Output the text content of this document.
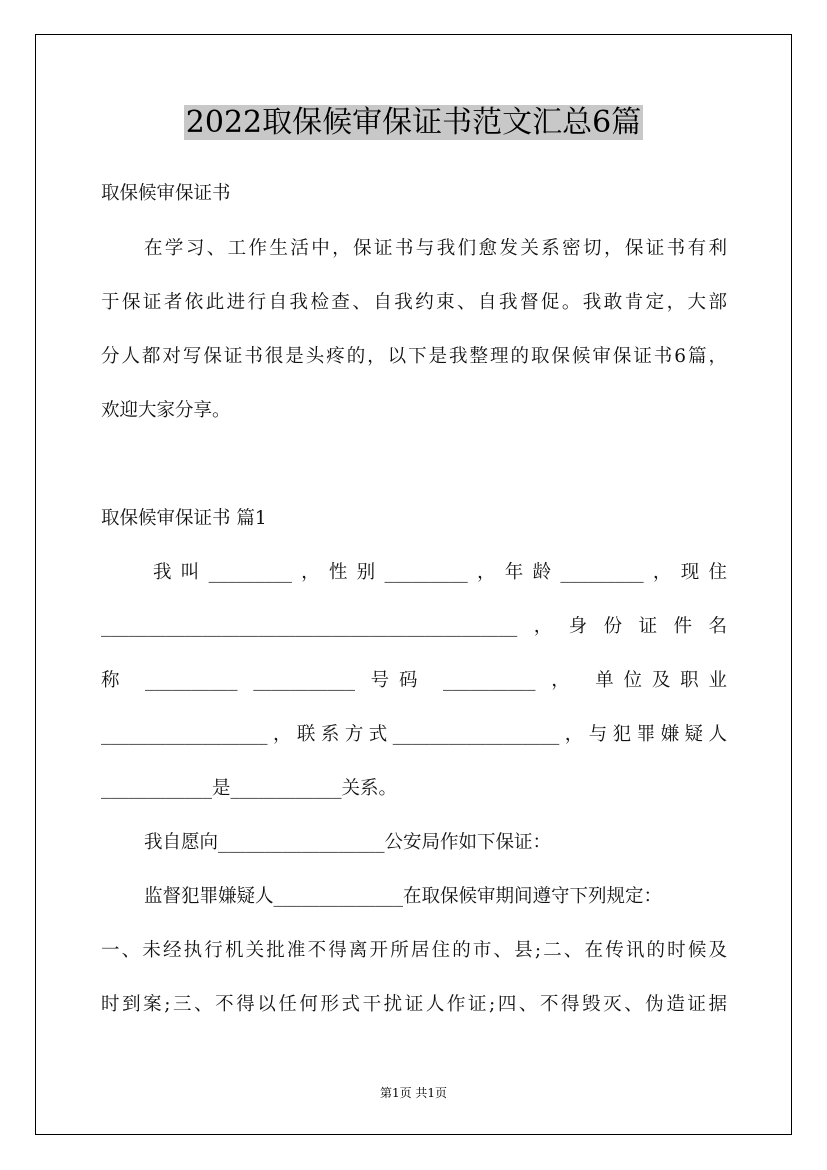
2022取保候审保证书范文汇总6篇
取保候审保证书
在学习、工作生活中，保证书与我们愈发关系密切，保证书有利
于保证者依此进行自我检查、自我约束、自我督促。我敢肯定，大部
分人都对写保证书很是头疼的，以下是我整理的取保候审保证书6篇，
欢迎大家分享。
取保候审保证书 篇1
我叫_________，性别_________，年龄_________，现住
_____________________________________________，身份证件名
称 __________ ___________ 号码 __________ ， 单位及职业
__________________，联系方式__________________，与犯罪嫌疑人
____________是____________关系。
我自愿向__________________公安局作如下保证：
监督犯罪嫌疑人______________在取保候审期间遵守下列规定：
一、未经执行机关批准不得离开所居住的市、县;二、在传讯的时候及
时到案;三、不得以任何形式干扰证人作证;四、不得毁灭、伪造证据
第1页 共1页
